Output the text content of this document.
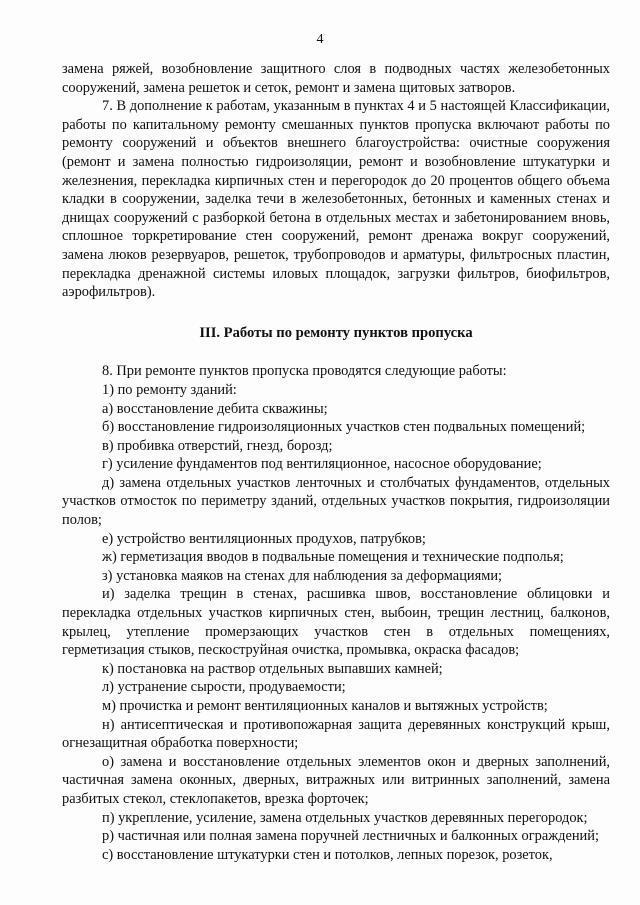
4

замена ряжей, возобновление защитного слоя в подводных частях железобетонных сооружений, замена решеток и сеток, ремонт и замена щитовых затворов.

7. В дополнение к работам, указанным в пунктах 4 и 5 настоящей Классификации, работы по капитальному ремонту смешанных пунктов пропуска включают работы по ремонту сооружений и объектов внешнего благоустройства: очистные сооружения (ремонт и замена полностью гидроизоляции, ремонт и возобновление штукатурки и железнения, перекладка кирпичных стен и перегородок до 20 процентов общего объема кладки в сооружении, заделка течи в железобетонных, бетонных и каменных стенах и днищах сооружений с разборкой бетона в отдельных местах и забетонированием вновь, сплошное торкретирование стен сооружений, ремонт дренажа вокруг сооружений, замена люков резервуаров, решеток, трубопроводов и арматуры, фильтросных пластин, перекладка дренажной системы иловых площадок, загрузки фильтров, биофильтров, аэрофильтров).

III. Работы по ремонту пунктов пропуска

8. При ремонте пунктов пропуска проводятся следующие работы:

1) по ремонту зданий:

а) восстановление дебита скважины;

б) восстановление гидроизоляционных участков стен подвальных помещений;

в) пробивка отверстий, гнезд, борозд;

г) усиление фундаментов под вентиляционное, насосное оборудование;

д) замена отдельных участков ленточных и столбчатых фундаментов, отдельных участков отмосток по периметру зданий, отдельных участков покрытия, гидроизоляции полов;

е) устройство вентиляционных продухов, патрубков;

ж) герметизация вводов в подвальные помещения и технические подполья;

з) установка маяков на стенах для наблюдения за деформациями;

и) заделка трещин в стенах, расшивка швов, восстановление облицовки и перекладка отдельных участков кирпичных стен, выбоин, трещин лестниц, балконов, крылец, утепление промерзающих участков стен в отдельных помещениях, герметизация стыков, пескоструйная очистка, промывка, окраска фасадов;

к) постановка на раствор отдельных выпавших камней;

л) устранение сырости, продуваемости;

м) прочистка и ремонт вентиляционных каналов и вытяжных устройств;

н) антисептическая и противопожарная защита деревянных конструкций крыш, огнезащитная обработка поверхности;

о) замена и восстановление отдельных элементов окон и дверных заполнений, частичная замена оконных, дверных, витражных или витринных заполнений, замена разбитых стекол, стеклопакетов, врезка форточек;

п) укрепление, усиление, замена отдельных участков деревянных перегородок;

р) частичная или полная замена поручней лестничных и балконных ограждений;

с) восстановление штукатурки стен и потолков, лепных порезок, розеток,
